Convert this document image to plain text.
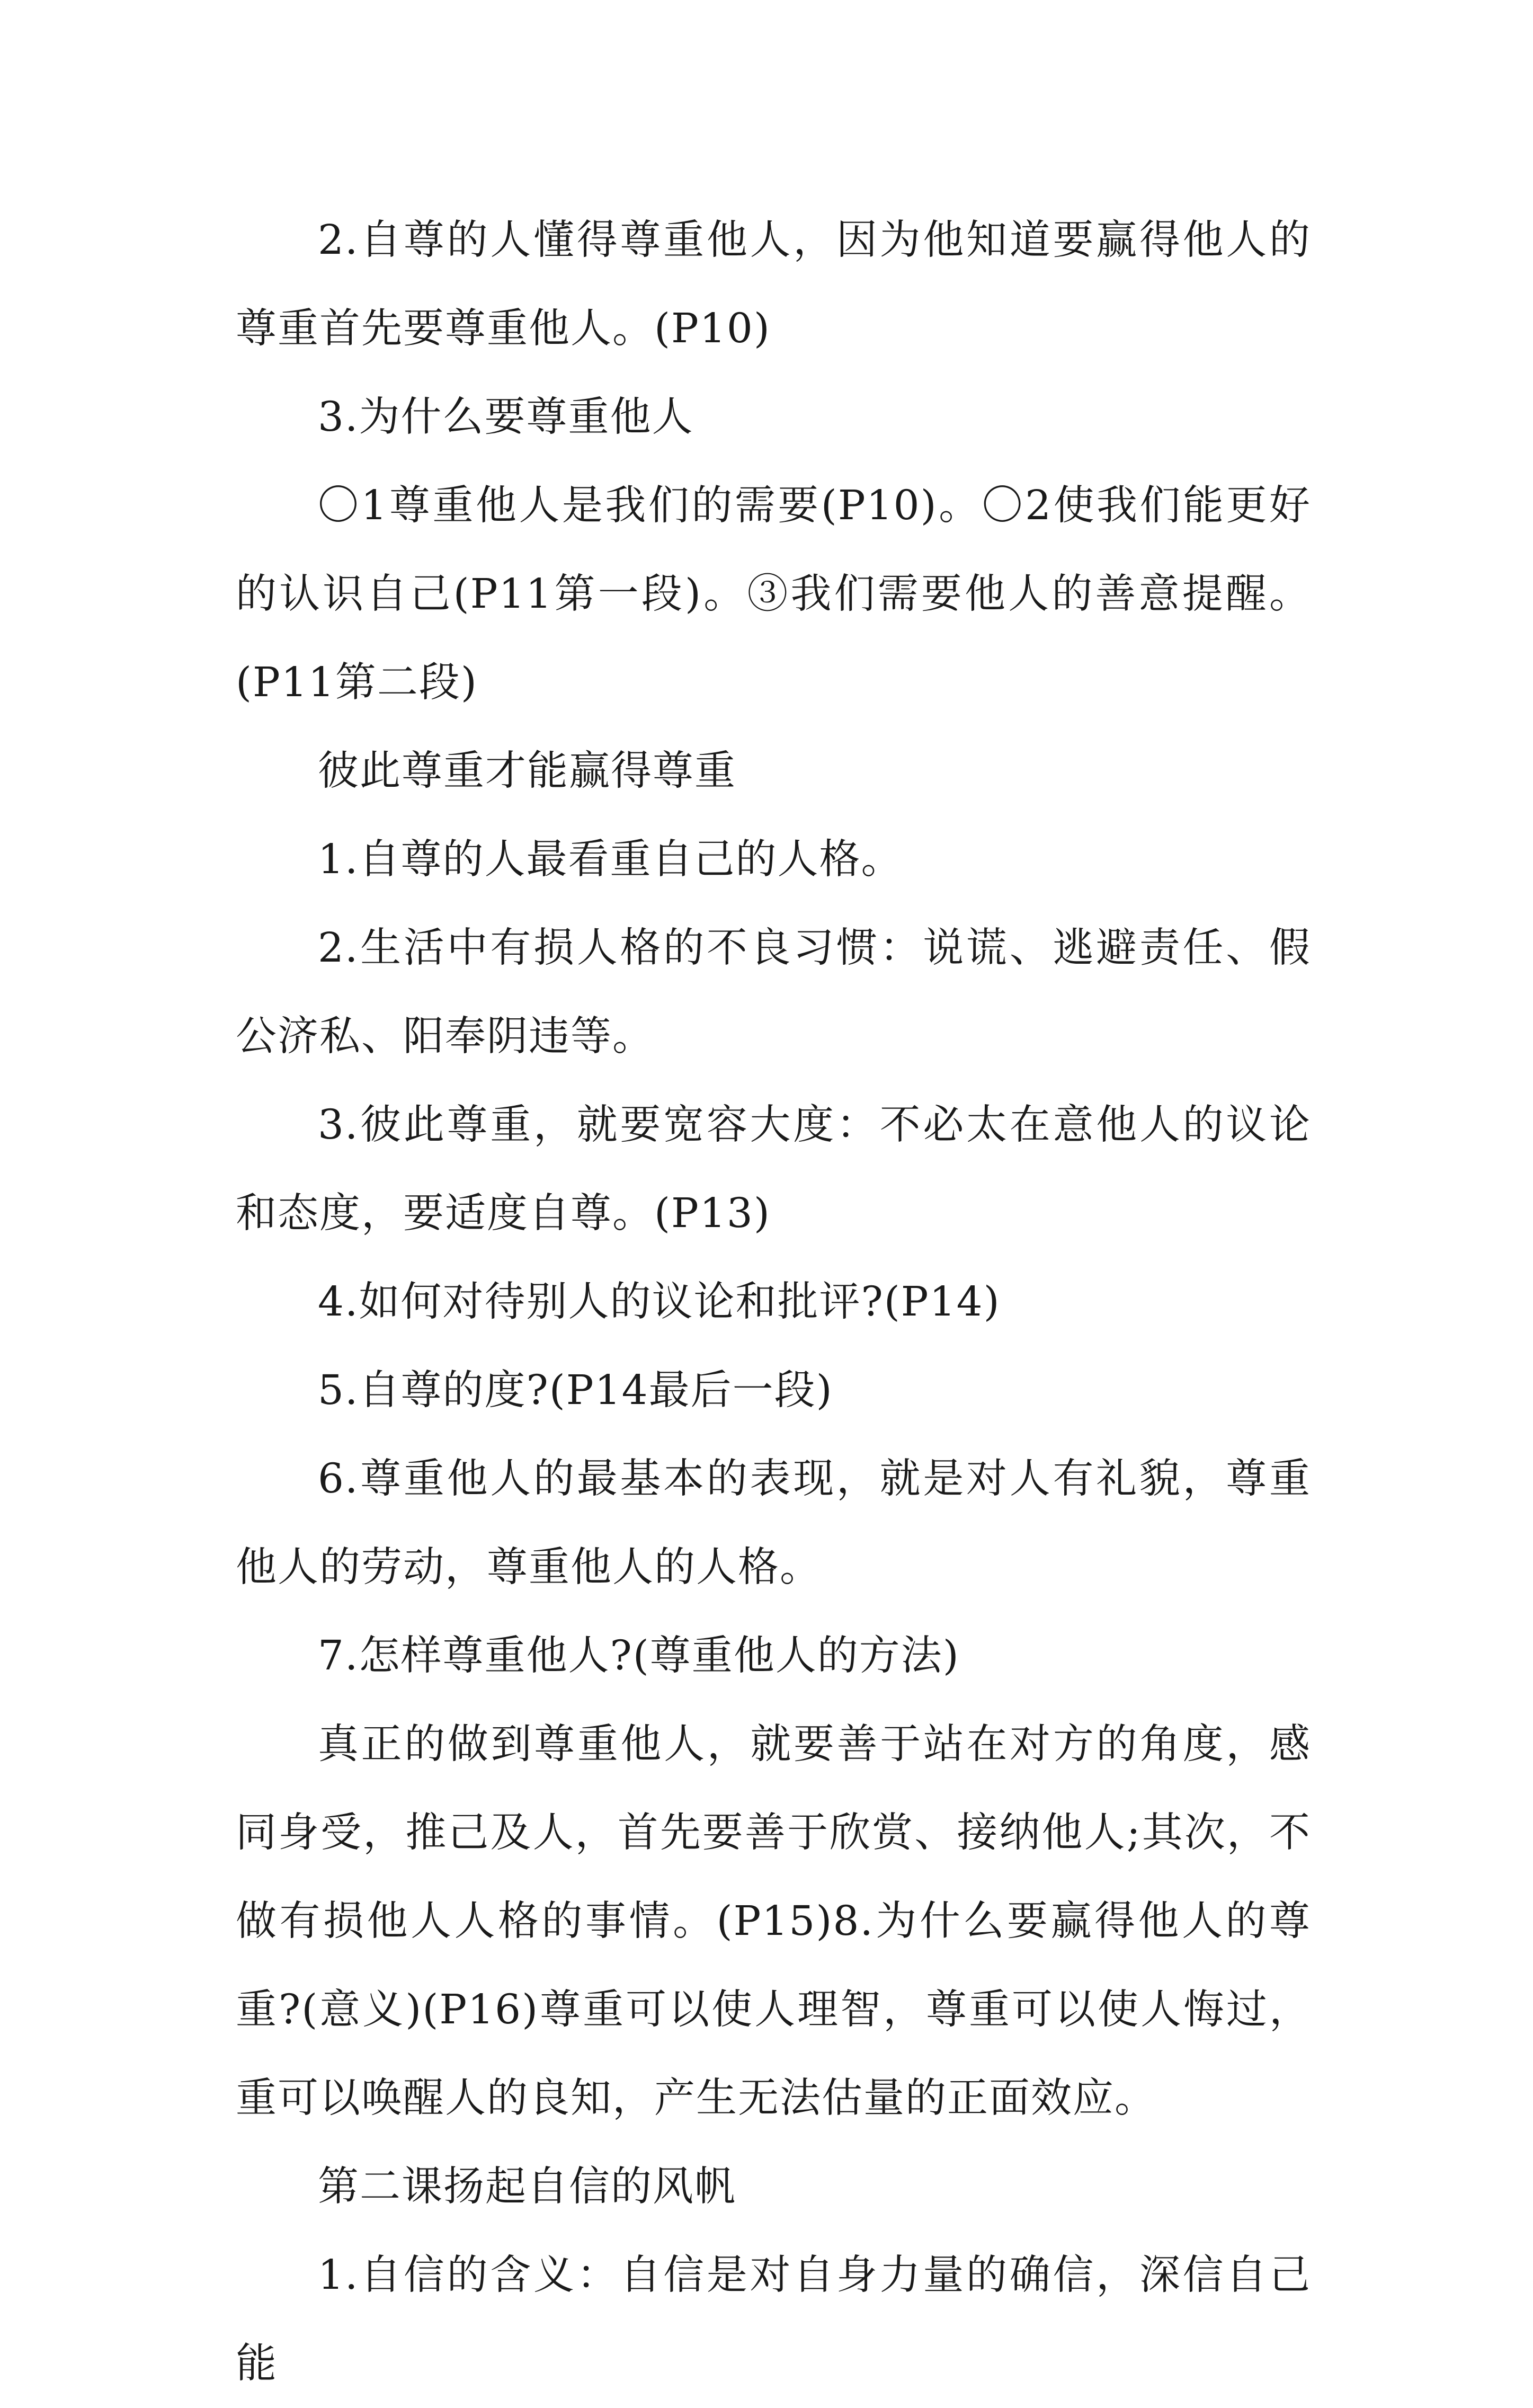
2.自尊的人懂得尊重他人，因为他知道要赢得他人的尊重首先要尊重他人。(P10)

3.为什么要尊重他人

〇1尊重他人是我们的需要(P10)。〇2使我们能更好的认识自己(P11第一段)。③我们需要他人的善意提醒。(P11第二段)

彼此尊重才能赢得尊重

1.自尊的人最看重自己的人格。

2.生活中有损人格的不良习惯：说谎、逃避责任、假公济私、阳奉阴违等。

3.彼此尊重，就要宽容大度：不必太在意他人的议论和态度，要适度自尊。(P13)

4.如何对待别人的议论和批评?(P14)

5.自尊的度?(P14最后一段)

6.尊重他人的最基本的表现，就是对人有礼貌，尊重他人的劳动，尊重他人的人格。

7.怎样尊重他人?(尊重他人的方法)

真正的做到尊重他人，就要善于站在对方的角度，感同身受，推己及人，首先要善于欣赏、接纳他人;其次，不做有损他人人格的事情。(P15)8.为什么要赢得他人的尊重?(意义)(P16)尊重可以使人理智，尊重可以使人悔过，重可以唤醒人的良知，产生无法估量的正面效应。

第二课扬起自信的风帆

1.自信的含义：自信是对自身力量的确信，深信自己能
